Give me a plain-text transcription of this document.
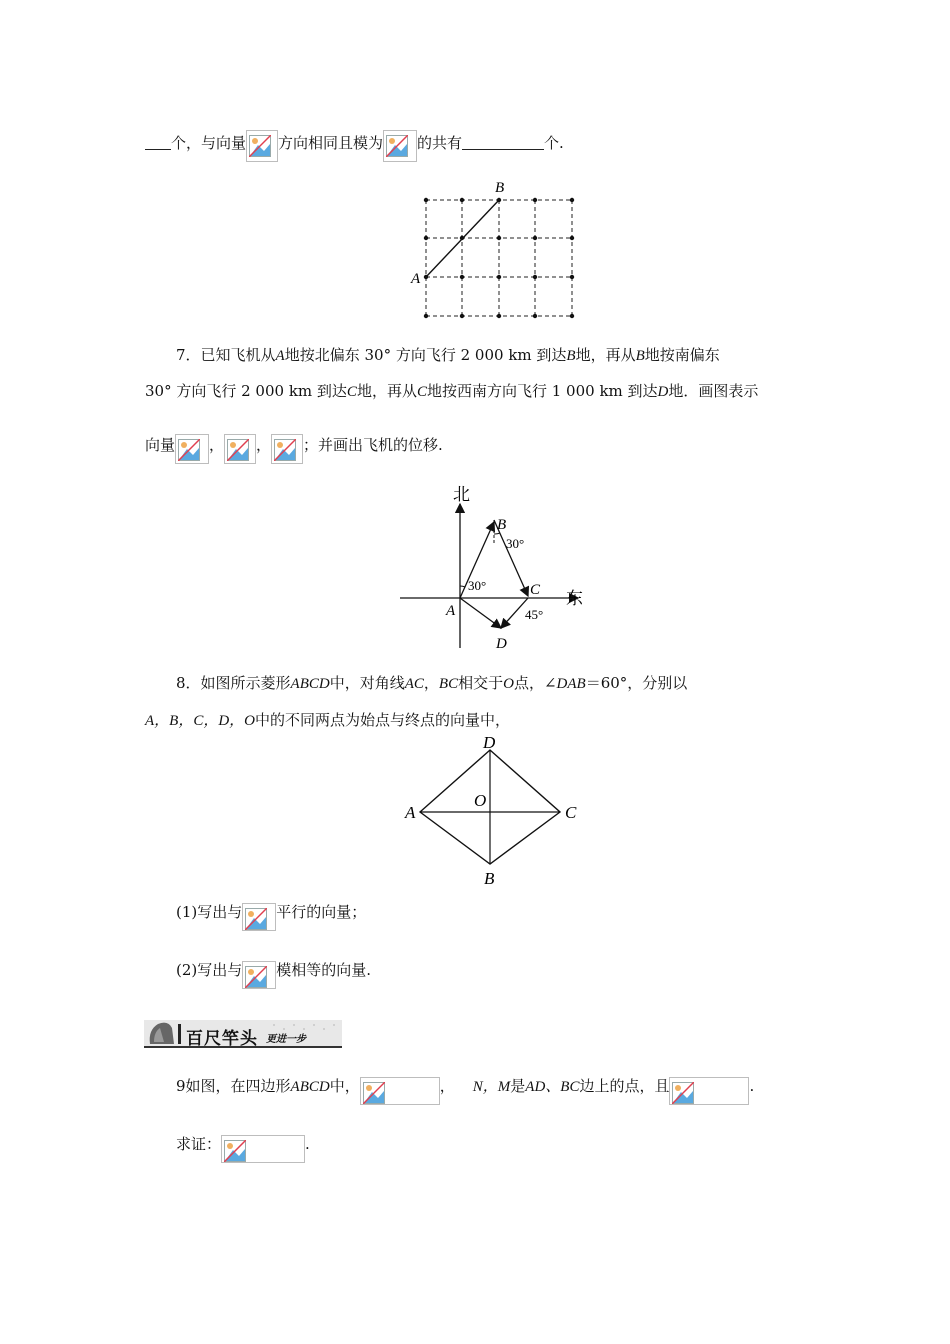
个，与向量 方向相同且模为 的共有	个.
A
B
7．已知飞机从A地按北偏东 30° 方向飞行 2 000 km 到达B地，再从B地按南偏东
30° 方向飞行 2 000 km 到达C地，再从C地按西南方向飞行 1 000 km 到达D地．画图表示
向量 ， ， ；并画出飞机的位移.
北
东
A
B
C
D
30°
30°
45°
8．如图所示菱形ABCD中，对角线AC，BC相交于O点，∠DAB＝60°，分别以
A，B，C，D，O中的不同两点为始点与终点的向量中，
A
B
C
D
O
(1)写出与 平行的向量；
(2)写出与 模相等的向量.
百尺竿头 更进一步
9如图，在四边形ABCD中，	， N，M是AD、BC边上的点，且	.
求证：	.
